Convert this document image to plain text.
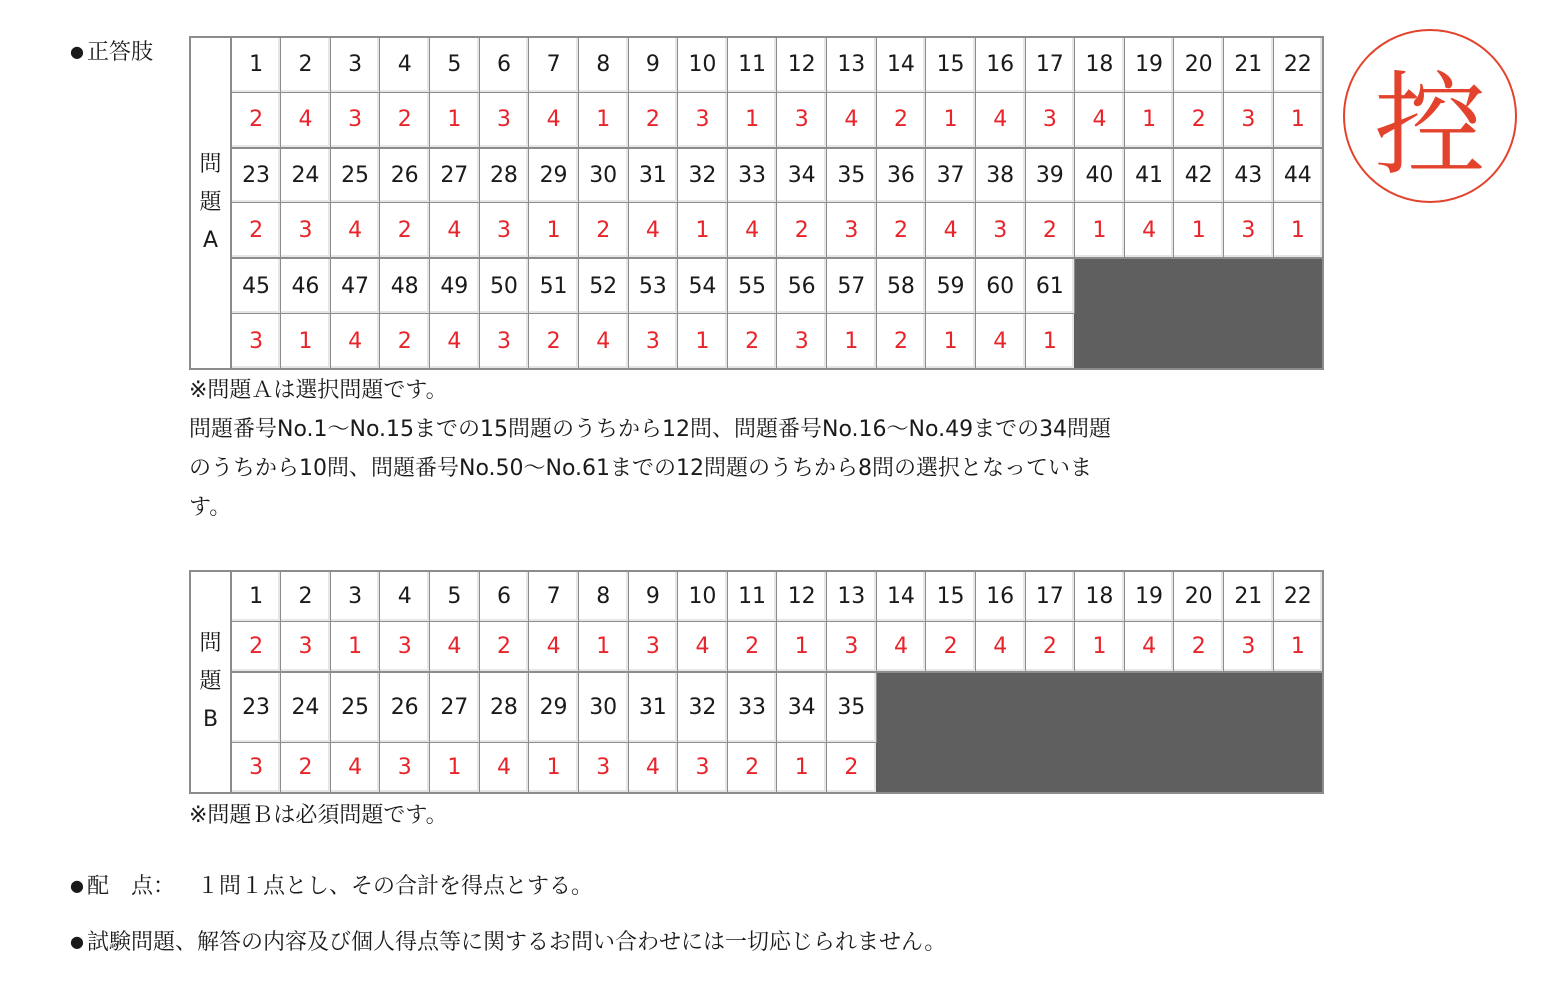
● 正答肢
控
問
題
A	1	2	3	4	5	6	7	8	9	10	11	12	13	14	15	16	17	18	19	20	21	22
	2	4	3	2	1	3	4	1	2	3	1	3	4	2	1	4	3	4	1	2	3	1
	23	24	25	26	27	28	29	30	31	32	33	34	35	36	37	38	39	40	41	42	43	44
	2	3	4	2	4	3	1	2	4	1	4	2	3	2	4	3	2	1	4	1	3	1
	45	46	47	48	49	50	51	52	53	54	55	56	57	58	59	60	61					
	3	1	4	2	4	3	2	4	3	1	2	3	1	2	1	4	1					
※問題Ａは選択問題です。
問題番号No.1～No.15までの15問題のうちから12問、問題番号No.16～No.49までの34問題
のうちから10問、問題番号No.50～No.61までの12問題のうちから8問の選択となっていま
す。
問
題
B	1	2	3	4	5	6	7	8	9	10	11	12	13	14	15	16	17	18	19	20	21	22
	2	3	1	3	4	2	4	1	3	4	2	1	3	4	2	4	2	1	4	2	3	1
	23	24	25	26	27	28	29	30	31	32	33	34	35									
	3	2	4	3	1	4	1	3	4	3	2	1	2									
※問題Ｂは必須問題です。
● 配　点： １問１点とし、その合計を得点とする。
● 試験問題、解答の内容及び個人得点等に関するお問い合わせには一切応じられません。
